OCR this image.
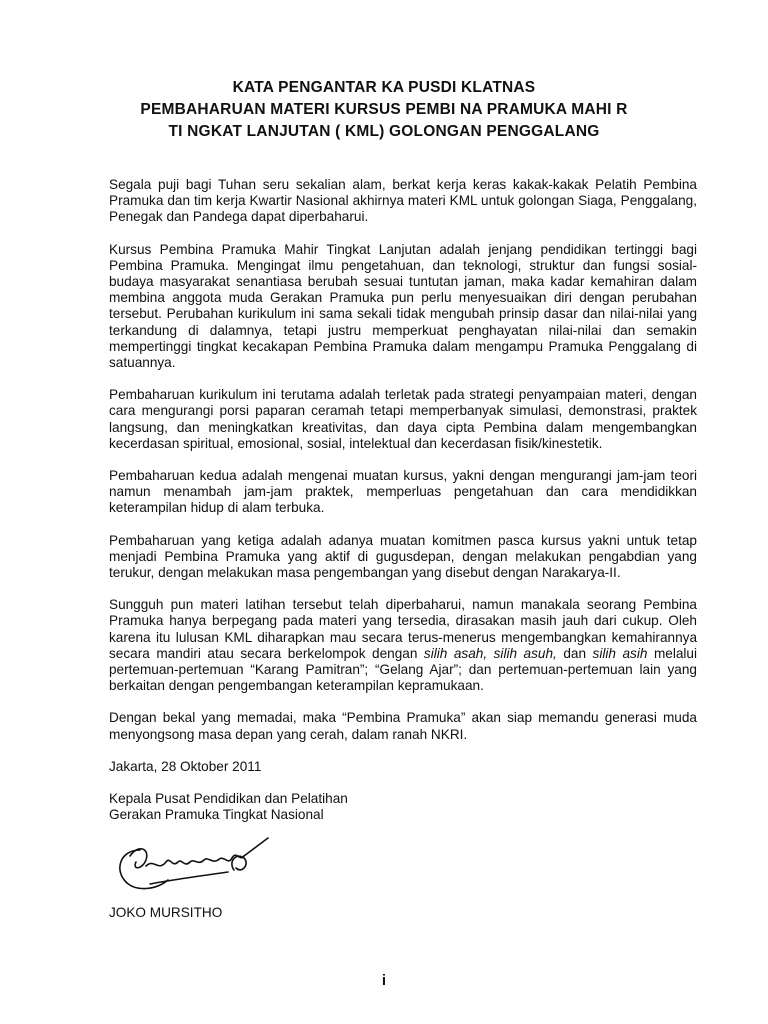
KATA PENGANTAR KA PUSDI KLATNAS
PEMBAHARUAN MATERI KURSUS PEMBI NA PRAMUKA MAHI R
TI NGKAT LANJUTAN ( KML) GOLONGAN PENGGALANG

Segala puji bagi Tuhan seru sekalian alam, berkat kerja keras kakak-kakak Pelatih Pembina Pramuka dan tim kerja Kwartir Nasional akhirnya materi KML untuk golongan Siaga, Penggalang, Penegak dan Pandega dapat diperbaharui.

Kursus Pembina Pramuka Mahir Tingkat Lanjutan adalah jenjang pendidikan tertinggi bagi Pembina Pramuka. Mengingat ilmu pengetahuan, dan teknologi, struktur dan fungsi sosial-budaya masyarakat senantiasa berubah sesuai tuntutan jaman, maka kadar kemahiran dalam membina anggota muda Gerakan Pramuka pun perlu menyesuaikan diri dengan perubahan tersebut. Perubahan kurikulum ini sama sekali tidak mengubah prinsip dasar dan nilai-nilai yang terkandung di dalamnya, tetapi justru memperkuat penghayatan nilai-nilai dan semakin mempertinggi tingkat kecakapan Pembina Pramuka dalam mengampu Pramuka Penggalang di satuannya.

Pembaharuan kurikulum ini terutama adalah terletak pada strategi penyampaian materi, dengan cara mengurangi porsi paparan ceramah tetapi memperbanyak simulasi, demonstrasi, praktek langsung, dan meningkatkan kreativitas, dan daya cipta Pembina dalam mengembangkan kecerdasan spiritual, emosional, sosial, intelektual dan kecerdasan fisik/kinestetik.

Pembaharuan kedua adalah mengenai muatan kursus, yakni dengan mengurangi jam-jam teori namun menambah jam-jam praktek, memperluas pengetahuan dan cara mendidikkan keterampilan hidup di alam terbuka.

Pembaharuan yang ketiga adalah adanya muatan komitmen pasca kursus yakni untuk tetap menjadi Pembina Pramuka yang aktif di gugusdepan, dengan melakukan pengabdian yang terukur, dengan melakukan masa pengembangan yang disebut dengan Narakarya-II.

Sungguh pun materi latihan tersebut telah diperbaharui, namun manakala seorang Pembina Pramuka hanya berpegang pada materi yang tersedia, dirasakan masih jauh dari cukup. Oleh karena itu lulusan KML diharapkan mau secara terus-menerus mengembangkan kemahirannya secara mandiri atau secara berkelompok dengan silih asah, silih asuh, dan silih asih melalui pertemuan-pertemuan “Karang Pamitran”; “Gelang Ajar”; dan pertemuan-pertemuan lain yang berkaitan dengan pengembangan keterampilan kepramukaan.

Dengan bekal yang memadai, maka “Pembina Pramuka” akan siap memandu generasi muda menyongsong masa depan yang cerah, dalam ranah NKRI.

Jakarta, 28 Oktober 2011

Kepala Pusat Pendidikan dan Pelatihan

Gerakan Pramuka Tingkat Nasional

JOKO MURSITHO
i
